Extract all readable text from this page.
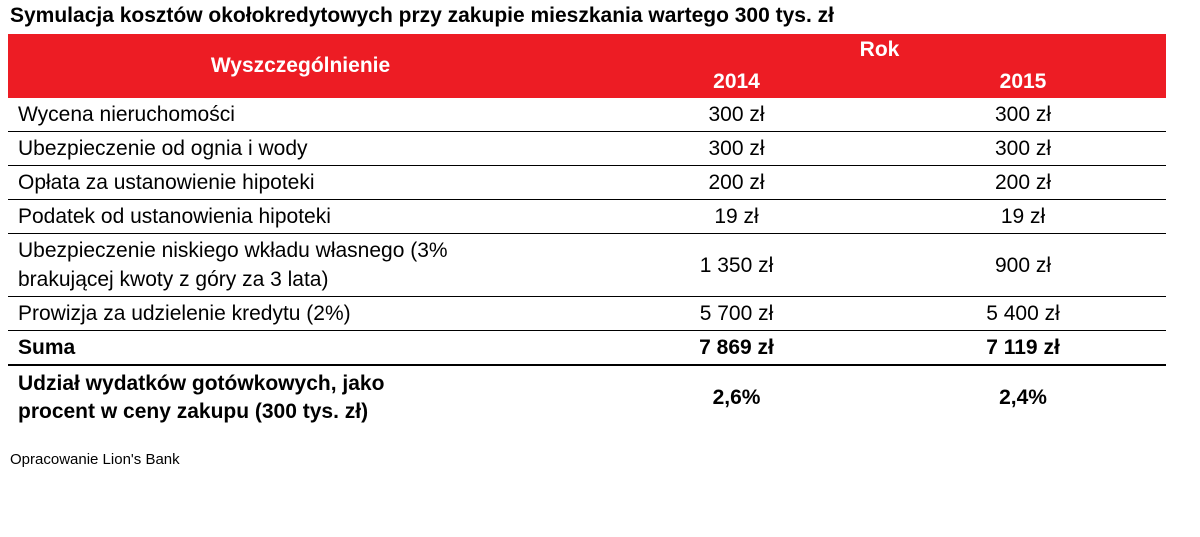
Symulacja kosztów okołokredytowych przy zakupie mieszkania wartego 300 tys. zł
Wyszczególnienie	Rok	
	2014	2015
Wycena nieruchomości	300 zł	300 zł
Ubezpieczenie od ognia i wody	300 zł	300 zł
Opłata za ustanowienie hipoteki	200 zł	200 zł
Podatek od ustanowienia hipoteki	19 zł	19 zł

Ubezpieczenie niskiego wkładu własnego (3%
brakującej kwoty z góry za 3 lata)	1 350 zł	900 zł
Prowizja za udzielenie kredytu (2%)	5 700 zł	5 400 zł
Suma	7 869 zł	7 119 zł

Udział wydatków gotówkowych, jako
procent w ceny zakupu (300 tys. zł)	2,6%	2,4%
Opracowanie Lion's Bank
